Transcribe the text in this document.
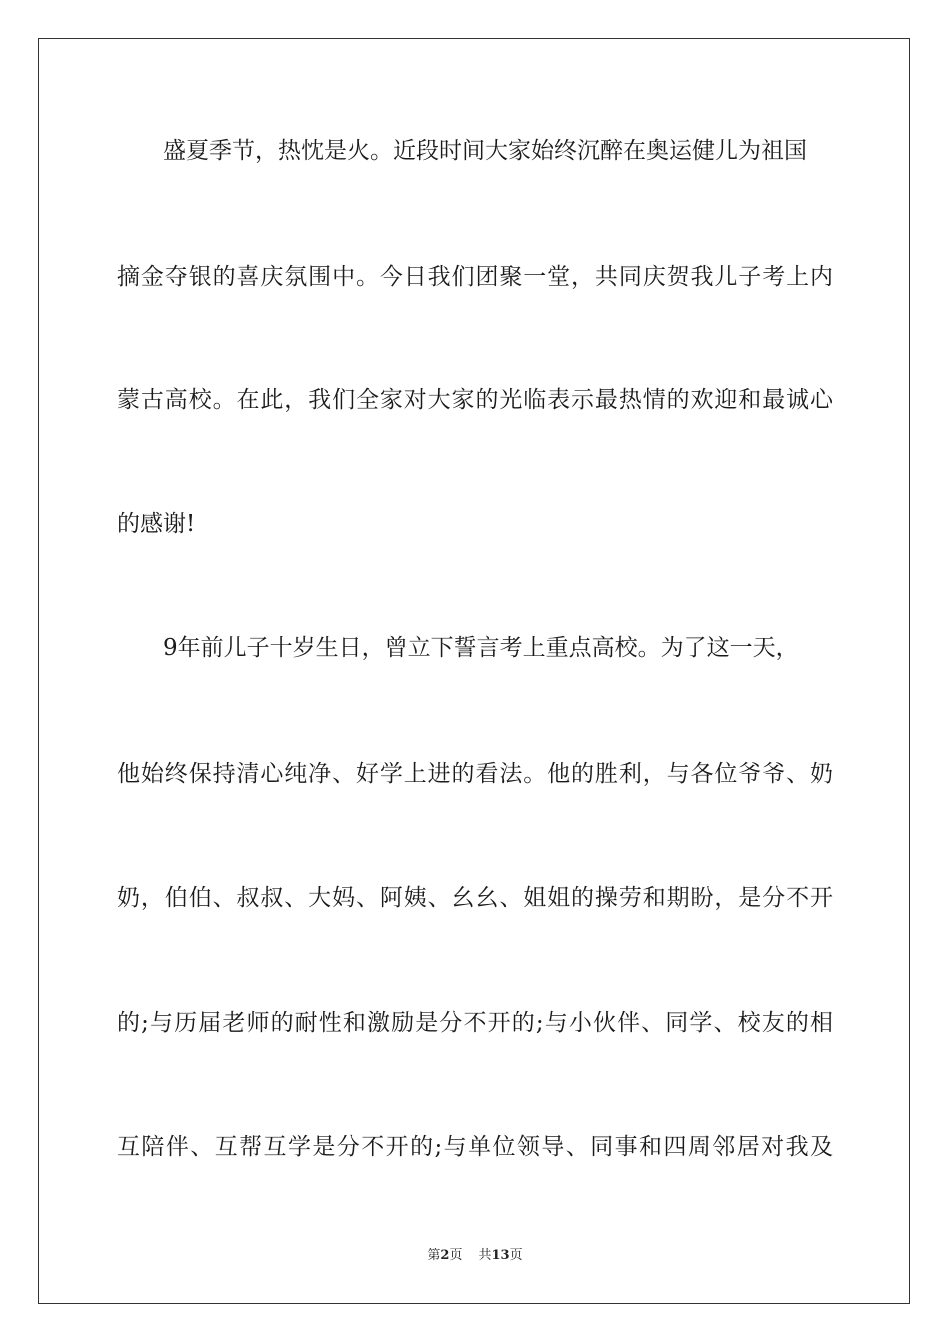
盛夏季节，热忱是火。近段时间大家始终沉醉在奥运健儿为祖国
摘金夺银的喜庆氛围中。今日我们团聚一堂，共同庆贺我儿子考上内
蒙古高校。在此，我们全家对大家的光临表示最热情的欢迎和最诚心
的感谢!
9年前儿子十岁生日，曾立下誓言考上重点高校。为了这一天，
他始终保持清心纯净、好学上进的看法。他的胜利，与各位爷爷、奶
奶，伯伯、叔叔、大妈、阿姨、幺幺、姐姐的操劳和期盼，是分不开
的;与历届老师的耐性和激励是分不开的;与小伙伴、同学、校友的相
互陪伴、互帮互学是分不开的;与单位领导、同事和四周邻居对我及
第2页 共13页
